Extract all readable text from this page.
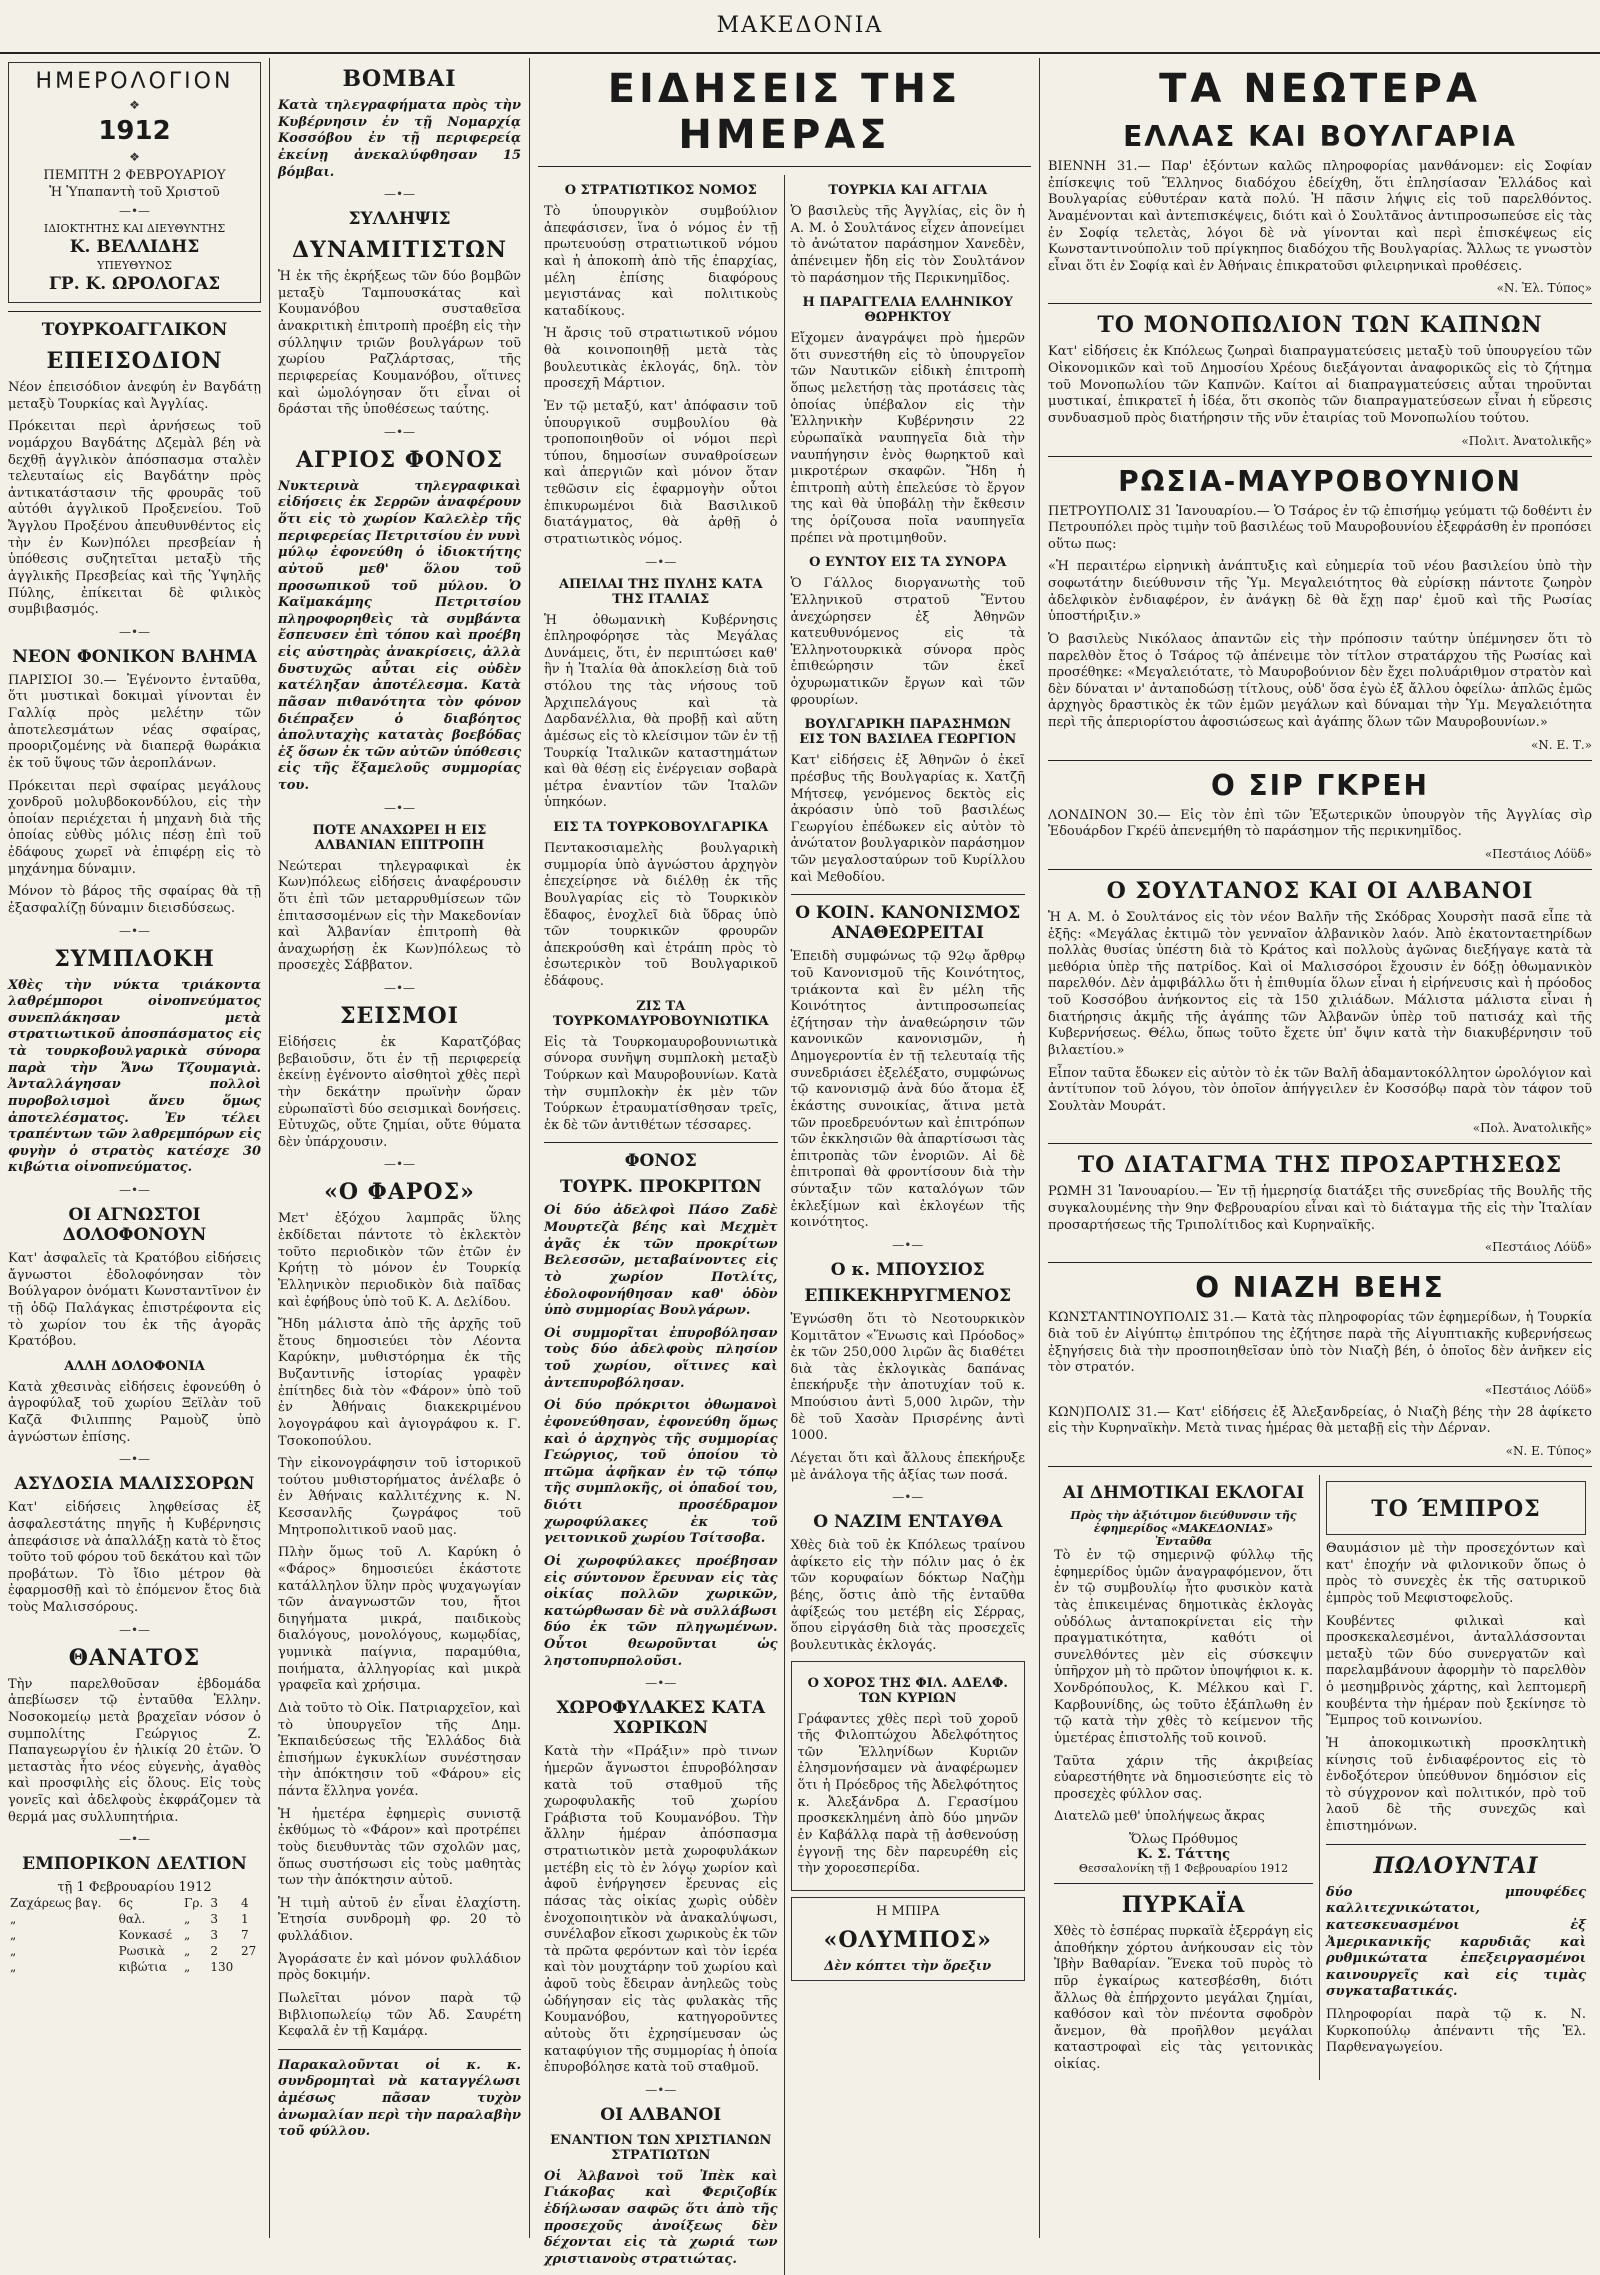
ΜΑΚΕΔΟΝΙΑ
ΗΜΕΡΟΛΟΓΙΟΝ
❖
1912
❖
ΠΕΜΠΤΗ 2 ΦΕΒΡΟΥΑΡΙΟΥ
Ἡ Ὑπαπαντὴ τοῦ Χριστοῦ
—•—
ΙΔΙΟΚΤΗΤΗΣ ΚΑΙ ΔΙΕΥΘΥΝΤΗΣ
Κ. ΒΕΛΛΙΔΗΣ
ΥΠΕΥΘΥΝΟΣ
ΓΡ. Κ. ΩΡΟΛΟΓΑΣ
ΤΟΥΡΚΟΑΓΓΛΙΚΟΝ
ΕΠΕΙΣΟΔΙΟΝ

Νέον ἐπεισόδιον ἀνεφύη ἐν Βαγδάτῃ μεταξὺ Τουρκίας καὶ Ἀγγλίας.

Πρόκειται περὶ ἀρνήσεως τοῦ νομάρχου Βαγδάτης Δζεμὰλ βέη νὰ δεχθῇ ἀγγλικὸν ἀπόσπασμα σταλὲν τελευταίως εἰς Βαγδάτην πρὸς ἀντικατάστασιν τῆς φρουρᾶς τοῦ αὐτόθι ἀγγλικοῦ Προξενείου. Τοῦ Ἄγγλου Προξένου ἀπευθυνθέντος εἰς τὴν ἐν Κων)πόλει πρεσβείαν ἡ ὑπόθεσις συζητεῖται μεταξὺ τῆς ἀγγλικῆς Πρεσβείας καὶ τῆς Ὑψηλῆς Πύλης, ἐπίκειται δὲ φιλικὸς συμβιβασμός.

—•—
ΝΕΟΝ ΦΟΝΙΚΟΝ ΒΛΗΜΑ

ΠΑΡΙΣΙΟΙ 30.— Ἐγένοντο ἐνταῦθα, ὅτι μυστικαὶ δοκιμαὶ γίνονται ἐν Γαλλίᾳ πρὸς μελέτην τῶν ἀποτελεσμάτων νέας σφαίρας, προοριζομένης νὰ διαπερᾷ θωράκια ἐκ τοῦ ὕψους τῶν ἀεροπλάνων.

Πρόκειται περὶ σφαίρας μεγάλους χονδροῦ μολυβδοκονδύλου, εἰς τὴν ὁποίαν περιέχεται ἡ μηχανὴ διὰ τῆς ὁποίας εὐθὺς μόλις πέσῃ ἐπὶ τοῦ ἐδάφους χωρεῖ νὰ ἐπιφέρῃ εἰς τὸ μηχάνημα δύναμιν.

Μόνον τὸ βάρος τῆς σφαίρας θὰ τῇ ἐξασφαλίζῃ δύναμιν διεισδύσεως.

—•—
ΣΥΜΠΛΟΚΗ

Χθὲς τὴν νύκτα τριάκοντα λαθρέμποροι οἰνοπνεύματος συνεπλάκησαν μετὰ στρατιωτικοῦ ἀποσπάσματος εἰς τὰ τουρκοβουλγαρικὰ σύνορα παρὰ τὴν Ἄνω Τζουμαγιὰ. Ἀνταλλάγησαν πολλοὶ πυροβολισμοὶ ἄνευ ὅμως ἀποτελέσματος. Ἐν τέλει τραπέντων τῶν λαθρεμπόρων εἰς φυγὴν ὁ στρατὸς κατέσχε 30 κιβώτια οἰνοπνεύματος.

—•—
ΟΙ ΑΓΝΩΣΤΟΙ ΔΟΛΟΦΟΝΟΥΝ

Κατ' ἀσφαλεῖς τὰ Κρατόβου εἰδήσεις ἄγνωστοι ἐδολοφόνησαν τὸν Βούλγαρον ὀνόματι Κωνσταντῖνον ἐν τῇ ὁδῷ Παλάγκας ἐπιστρέφοντα εἰς τὸ χωρίον του ἐκ τῆς ἀγορᾶς Κρατόβου.

ΑΛΛΗ ΔΟΛΟΦΟΝΙΑ

Κατὰ χθεσινὰς εἰδήσεις ἐφονεύθη ὁ ἀγροφύλαξ τοῦ χωρίου Ξεϊλὰν τοῦ Καζᾶ Φιλιππης Ραμοὺζ ὑπὸ ἀγνώστων ἐπίσης.

—•—
ΑΣΥΔΟΣΙΑ ΜΑΛΙΣΣΟΡΩΝ

Κατ' εἰδήσεις ληφθείσας ἐξ ἀσφαλεστάτης πηγῆς ἡ Κυβέρνησις ἀπεφάσισε νὰ ἀπαλλάξῃ κατὰ τὸ ἔτος τοῦτο τοῦ φόρου τοῦ δεκάτου καὶ τῶν προβάτων. Τὸ ἴδιο μέτρον θὰ ἐφαρμοσθῇ καὶ τὸ ἐπόμενον ἔτος διὰ τοὺς Μαλισσόρους.

—•—
ΘΑΝΑΤΟΣ

Τὴν παρελθοῦσαν ἑβδομάδα ἀπεβίωσεν τῷ ἐνταῦθα Ἑλλην. Νοσοκομείῳ μετὰ βραχεῖαν νόσον ὁ συμπολίτης Γεώργιος Ζ. Παπαγεωργίου ἐν ἡλικίᾳ 20 ἐτῶν. Ὁ μεταστὰς ἦτο νέος εὐγενὴς, ἀγαθὸς καὶ προσφιλὴς εἰς ὅλους. Εἰς τοὺς γονεῖς καὶ ἀδελφοὺς ἐκφράζομεν τὰ θερμά μας συλλυπητήρια.

—•—
ΕΜΠΟΡΙΚΟΝ ΔΕΛΤΙΟΝ
τῇ 1 Φεβρουαρίου 1912
Ζαχάρεως βαγ.	6ς	Γρ.	3	4
„	θαλ.	„	3	1
„	Κονκασέ	„	3	7
„	Ρωσικὰ	„	2	27
„	κιβώτια	„	130	
ΒΟΜΒΑΙ

Κατὰ τηλεγραφήματα πρὸς τὴν Κυβέρνησιν ἐν τῇ Νομαρχίᾳ Κοσσόβου ἐν τῇ περιφερείᾳ ἐκείνῃ ἀνεκαλύφθησαν 15 βόμβαι.

—•—
ΣΥΛΛΗΨΙΣ
ΔΥΝΑΜΙΤΙΣΤΩΝ

Ἡ ἐκ τῆς ἐκρήξεως τῶν δύο βομβῶν μεταξὺ Ταμπουσκάτας καὶ Κουμανόβου συσταθεῖσα ἀνακριτικὴ ἐπιτροπὴ προέβη εἰς τὴν σύλληψιν τριῶν βουλγάρων τοῦ χωρίου Ραζλάρτσας, τῆς περιφερείας Κουμανόβου, οἵτινες καὶ ὡμολόγησαν ὅτι εἶναι οἱ δράσται τῆς ὑποθέσεως ταύτης.

—•—
ΑΓΡΙΟΣ ΦΟΝΟΣ

Νυκτερινὰ τηλεγραφικαὶ εἰδήσεις ἐκ Σερρῶν ἀναφέρουν ὅτι εἰς τὸ χωρίον Καλελὲρ τῆς περιφερείας Πετριτσίου ἐν νυνὶ μύλῳ ἐφονεύθη ὁ ἰδιοκτήτης αὐτοῦ μεθ' ὅλου τοῦ προσωπικοῦ τοῦ μύλου. Ὁ Καϊμακάμης Πετριτσίου πληροφορηθεὶς τὰ συμβάντα ἔσπευσεν ἐπὶ τόπου καὶ προέβη εἰς αὐστηρὰς ἀνακρίσεις, ἀλλὰ δυστυχῶς αὗται εἰς οὐδὲν κατέληξαν ἀποτέλεσμα. Κατὰ πᾶσαν πιθανότητα τὸν φόνον διέπραξεν ὁ διαβόητος ἀπολυταχὴς κατατὰς βοεβόδας ἐξ ὅσων ἐκ τῶν αὐτῶν ὑπόθεσις εἰς τῆς ἔξαμελοῦς συμμορίας του.

—•—
ΠΟΤΕ ΑΝΑΧΩΡΕΙ Η ΕΙΣ ΑΛΒΑΝΙΑΝ ΕΠΙΤΡΟΠΗ

Νεώτεραι τηλεγραφικαὶ ἐκ Κων)πόλεως εἰδήσεις ἀναφέρουσιν ὅτι ἐπὶ τῶν μεταρρυθμίσεων τῶν ἐπιτασσομένων εἰς τὴν Μακεδονίαν καὶ Ἀλβανίαν ἐπιτροπὴ θὰ ἀναχωρήσῃ ἐκ Κων)πόλεως τὸ προσεχὲς Σάββατον.

—•—
ΣΕΙΣΜΟΙ

Εἰδήσεις ἐκ Καρατζόβας βεβαιοῦσιν, ὅτι ἐν τῇ περιφερείᾳ ἐκείνῃ ἐγένοντο αἰσθητοὶ χθὲς περὶ τὴν δεκάτην πρωϊνὴν ὥραν εὐρωπαϊστὶ δύο σεισμικαὶ δονήσεις. Εὐτυχῶς, οὔτε ζημίαι, οὔτε θύματα δὲν ὑπάρχουσιν.

—•—
«Ο ΦΑΡΟΣ»

Μετ' ἐξόχου λαμπρᾶς ὕλης ἐκδίδεται πάντοτε τὸ ἐκλεκτὸν τοῦτο περιοδικὸν τῶν ἐτῶν ἐν Κρήτῃ τὸ μόνον ἐν Τουρκίᾳ Ἑλληνικὸν περιοδικὸν διὰ παῖδας καὶ ἐφήβους ὑπὸ τοῦ Κ. Α. Δελίδου.

Ἤδη μάλιστα ἀπὸ τῆς ἀρχῆς τοῦ ἔτους δημοσιεύει τὸν Λέοντα Καρύκην, μυθιστόρημα ἐκ τῆς Βυζαντινῆς ἱστορίας γραφὲν ἐπίτηδες διὰ τὸν «Φάρον» ὑπὸ τοῦ ἐν Ἀθήναις διακεκριμένου λογογράφου καὶ ἀγιογράφου κ. Γ. Τσοκοπούλου.

Τὴν εἰκονογράφησιν τοῦ ἱστορικοῦ τούτου μυθιστορήματος ἀνέλαβε ὁ ἐν Ἀθήναις καλλιτέχνης κ. Ν. Κεσσανλῆς ζωγράφος τοῦ Μητροπολιτικοῦ ναοῦ μας.

Πλὴν ὅμως τοῦ Λ. Καρύκη ὁ «Φάρος» δημοσιεύει ἑκάστοτε κατάλληλον ὕλην πρὸς ψυχαγωγίαν τῶν ἀναγνωστῶν του, ἤτοι διηγήματα μικρά, παιδικοὺς διαλόγους, μονολόγους, κωμῳδίας, γυμνικὰ παίγνια, παραμύθια, ποιήματα, ἀλληγορίας καὶ μικρὰ γραφεῖα καὶ χρήσιμα.

Διὰ τοῦτο τὸ Οἰκ. Πατριαρχεῖον, καὶ τὸ ὑπουργεῖον τῆς Δημ. Ἐκπαιδεύσεως τῆς Ἑλλάδος διὰ ἐπισήμων ἐγκυκλίων συνέστησαν τὴν ἀπόκτησιν τοῦ «Φάρου» εἰς πάντα ἕλληνα γονέα.

Ἡ ἡμετέρα ἐφημερὶς συνιστᾷ ἐκθύμως τὸ «Φάρον» καὶ προτρέπει τοὺς διευθυντὰς τῶν σχολῶν μας, ὅπως συστήσωσι εἰς τοὺς μαθητὰς των τὴν ἀπόκτησιν αὐτοῦ.

Ἡ τιμὴ αὐτοῦ ἐν εἶναι ἐλαχίστη. Ἐτησία συνδρομὴ φρ. 20 τὸ φυλλάδιον.

Ἀγοράσατε ἐν καὶ μόνον φυλλάδιον πρὸς δοκιμήν.

Πωλεῖται μόνον παρὰ τῷ Βιβλιοπωλείῳ τῶν Ἀδ. Σαυρέτη Κεφαλᾶ ἐν τῇ Καμάρᾳ.

Παρακαλοῦνται οἱ κ. κ. συνδρομηταὶ νὰ καταγγέλωσι ἀμέσως πᾶσαν τυχὸν ἀνωμαλίαν περὶ τὴν παραλαβὴν τοῦ φύλλου.

ΕΙΔΗΣΕΙΣ ΤΗΣ ΗΜΕΡΑΣ
Ο ΣΤΡΑΤΙΩΤΙΚΟΣ ΝΟΜΟΣ

Τὸ ὑπουργικὸν συμβούλιον ἀπεφάσισεν, ἵνα ὁ νόμος ἐν τῇ πρωτευούσῃ στρατιωτικοῦ νόμου καὶ ἡ ἀποκοπὴ ἀπὸ τῆς ἐπαρχίας, μέλη ἐπίσης διαφόρους μεγιστάνας καὶ πολιτικοὺς καταδίκους.

Ἡ ἄρσις τοῦ στρατιωτικοῦ νόμου θὰ κοινοποιηθῇ μετὰ τὰς βουλευτικὰς ἐκλογάς, δηλ. τὸν προσεχῆ Μάρτιον.

Ἐν τῷ μεταξύ, κατ' ἀπόφασιν τοῦ ὑπουργικοῦ συμβουλίου θὰ τροποποιηθοῦν οἱ νόμοι περὶ τύπου, δημοσίων συναθροίσεων καὶ ἀπεργιῶν καὶ μόνον ὅταν τεθῶσιν εἰς ἐφαρμογὴν οὗτοι ἐπικυρωμένοι διὰ Βασιλικοῦ διατάγματος, θὰ ἀρθῇ ὁ στρατιωτικὸς νόμος.

—•—
ΑΠΕΙΛΑΙ ΤΗΣ ΠΥΛΗΣ ΚΑΤΑ ΤΗΣ ΙΤΑΛΙΑΣ

Ἡ ὀθωμανικὴ Κυβέρνησις ἐπληροφόρησε τὰς Μεγάλας Δυνάμεις, ὅτι, ἐν περιπτώσει καθ' ἣν ἡ Ἰταλία θὰ ἀποκλείσῃ διὰ τοῦ στόλου της τὰς νήσους τοῦ Ἀρχιπελάγους καὶ τὰ Δαρδανέλλια, θὰ προβῇ καὶ αὕτη ἀμέσως εἰς τὸ κλείσιμον τῶν ἐν τῇ Τουρκίᾳ Ἰταλικῶν καταστημάτων καὶ θὰ θέσῃ εἰς ἐνέργειαν σοβαρὰ μέτρα ἐναντίον τῶν Ἰταλῶν ὑπηκόων.

ΕΙΣ ΤΑ ΤΟΥΡΚΟΒΟΥΛΓΑΡΙΚΑ

Πεντακοσιαμελὴς βουλγαρικὴ συμμορία ὑπὸ ἀγνώστου ἀρχηγὸν ἐπεχείρησε νὰ διέλθῃ ἐκ τῆς Βουλγαρίας εἰς τὸ Τουρκικὸν ἔδαφος, ἐνοχλεῖ διὰ ὕδρας ὑπὸ τῶν τουρκικῶν φρουρῶν ἀπεκρούσθη καὶ ἐτράπη πρὸς τὸ ἐσωτερικὸν τοῦ Βουλγαρικοῦ ἐδάφους.

ΖΙΣ ΤΑ ΤΟΥΡΚΟΜΑΥΡΟΒΟΥΝΙΩΤΙΚΑ

Εἰς τὰ Τουρκομαυροβουνιωτικὰ σύνορα συνῆψη συμπλοκὴ μεταξὺ Τούρκων καὶ Μαυροβουνίων. Κατὰ τὴν συμπλοκὴν ἐκ μὲν τῶν Τούρκων ἐτραυματίσθησαν τρεῖς, ἐκ δὲ τῶν ἀντιθέτων τέσσαρες.

ΦΟΝΟΣ
ΤΟΥΡΚ. ΠΡΟΚΡΙΤΩΝ

Οἱ δύο ἀδελφοὶ Πάσο Ζαδὲ Μουρτεζὰ βέης καὶ Μεχμὲτ ἀγᾶς ἐκ τῶν προκρίτων Βελεσσῶν, μεταβαίνοντες εἰς τὸ χωρίον Ποτλίτς, ἐδολοφονήθησαν καθ' ὁδὸν ὑπὸ συμμορίας Βουλγάρων.

Οἱ συμμορῖται ἐπυροβόλησαν τοὺς δύο ἀδελφοὺς πλησίον τοῦ χωρίου, οἵτινες καὶ ἀντεπυροβόλησαν.

Οἱ δύο πρόκριτοι ὀθωμανοὶ ἐφονεύθησαν, ἐφονεύθη ὅμως καὶ ὁ ἀρχηγὸς τῆς συμμορίας Γεώργιος, τοῦ ὁποίου τὸ πτῶμα ἀφῆκαν ἐν τῷ τόπῳ τῆς συμπλοκῆς, οἱ ὁπαδοί του, διότι προσέδραμον χωροφύλακες ἐκ τοῦ γειτονικοῦ χωρίου Τσίτσοβα.

Οἱ χωροφύλακες προέβησαν εἰς σύντονον ἔρευναν εἰς τὰς οἰκίας πολλῶν χωρικῶν, κατώρθωσαν δὲ νὰ συλλάβωσι δύο ἐκ τῶν πληγωμένων. Οὗτοι θεωροῦνται ὡς ληστοπυρπολοῦσι.

—•—
ΧΩΡΟΦΥΛΑΚΕΣ ΚΑΤΑ ΧΩΡΙΚΩΝ

Κατὰ τὴν «Πράξιν» πρὸ τινων ἡμερῶν ἄγνωστοι ἐπυροβόλησαν κατὰ τοῦ σταθμοῦ τῆς χωροφυλακῆς τοῦ χωρίου Γράβιστα τοῦ Κουμανόβου. Τὴν ἄλλην ἡμέραν ἀπόσπασμα στρατιωτικὸν μετὰ χωροφυλάκων μετέβη εἰς τὸ ἐν λόγῳ χωρίον καὶ ἀφοῦ ἐνήργησεν ἔρευνας εἰς πάσας τὰς οἰκίας χωρὶς οὐδὲν ἐνοχοποιητικὸν νὰ ἀνακαλύψωσι, συνέλαβον εἴκοσι χωρικοὺς ἐκ τῶν τὰ πρῶτα φερόντων καὶ τὸν ἱερέα καὶ τὸν μουχτάρην τοῦ χωρίου καὶ ἀφοῦ τοὺς ἔδειραν ἀνηλεῶς τοὺς ὡδήγησαν εἰς τὰς φυλακὰς τῆς Κουμανόβου, κατηγοροῦντες αὐτοὺς ὅτι ἐχρησίμευσαν ὡς καταφύγιον τῆς συμμορίας ἡ ὁποία ἐπυροβόλησε κατὰ τοῦ σταθμοῦ.

—•—
ΟΙ ΑΛΒΑΝΟΙ
ΕΝΑΝΤΙΟΝ ΤΩΝ ΧΡΙΣΤΙΑΝΩΝ ΣΤΡΑΤΙΩΤΩΝ

Οἱ Ἀλβανοὶ τοῦ Ἰπὲκ καὶ Γιάκοβας καὶ Φεριζοβίκ ἐδήλωσαν σαφῶς ὅτι ἀπὸ τῆς προσεχοῦς ἀνοίξεως δὲν δέχονται εἰς τὰ χωριά των χριστιανοὺς στρατιώτας.

ΤΟΥΡΚΙΑ ΚΑΙ ΑΓΓΛΙΑ

Ὁ βασιλεὺς τῆς Ἀγγλίας, εἰς ὃν ἡ Α. Μ. ὁ Σουλτάνος εἶχεν ἀπονείμει τὸ ἀνώτατον παράσημον Χανεδὲν, ἀπένειμεν ἤδη εἰς τὸν Σουλτάνον τὸ παράσημον τῆς Περικνημῖδος.

Η ΠΑΡΑΓΓΕΛΙΑ ΕΛΛΗΝΙΚΟΥ ΘΩΡΗΚΤΟΥ

Εἴχομεν ἀναγράψει πρὸ ἡμερῶν ὅτι συνεστήθη εἰς τὸ ὑπουργεῖον τῶν Ναυτικῶν εἰδικὴ ἐπιτροπὴ ὅπως μελετήσῃ τὰς προτάσεις τὰς ὁποίας ὑπέβαλον εἰς τὴν Ἑλληνικὴν Κυβέρνησιν 22 εὐρωπαϊκὰ ναυπηγεῖα διὰ τὴν ναυπήγησιν ἑνὸς θωρηκτοῦ καὶ μικροτέρων σκαφῶν. Ἤδη ἡ ἐπιτροπὴ αὐτὴ ἐπελεύσε τὸ ἔργον της καὶ θὰ ὑποβάλῃ τὴν ἔκθεσιν της ὁρίζουσα ποῖα ναυπηγεῖα πρέπει νὰ προτιμηθοῦν.

Ο ΕΥΝΤΟΥ ΕΙΣ ΤΑ ΣΥΝΟΡΑ

Ὁ Γάλλος διοργανωτὴς τοῦ Ἑλληνικοῦ στρατοῦ Ἔντου ἀνεχώρησεν ἐξ Ἀθηνῶν κατευθυνόμενος εἰς τὰ Ἑλληνοτουρκικὰ σύνορα πρὸς ἐπιθεώρησιν τῶν ἐκεῖ ὀχυρωματικῶν ἔργων καὶ τῶν φρουρίων.

ΒΟΥΛΓΑΡΙΚΗ ΠΑΡΑΣΗΜΩΝ ΕΙΣ ΤΟΝ ΒΑΣΙΛΕΑ ΓΕΩΡΓΙΟΝ

Κατ' εἰδήσεις ἐξ Ἀθηνῶν ὁ ἐκεῖ πρέσβυς τῆς Βουλγαρίας κ. Χατζῆ Μήτσεφ, γενόμενος δεκτὸς εἰς ἀκρόασιν ὑπὸ τοῦ βασιλέως Γεωργίου ἐπέδωκεν εἰς αὐτὸν τὸ ἀνώτατον βουλγαρικὸν παράσημον τῶν μεγαλοσταύρων τοῦ Κυρίλλου καὶ Μεθοδίου.

Ο ΚΟΙΝ. ΚΑΝΟΝΙΣΜΟΣ ΑΝΑΘΕΩΡΕΙΤΑΙ

Ἐπειδὴ συμφώνως τῷ 92ῳ ἄρθρῳ τοῦ Κανονισμοῦ τῆς Κοινότητος, τριάκοντα καὶ ἓν μέλη τῆς Κοινότητος ἀντιπροσωπείας ἐζήτησαν τὴν ἀναθεώρησιν τῶν κανονικῶν κανονισμῶν, ἡ Δημογεροντία ἐν τῇ τελευταίᾳ τῆς συνεδριάσει ἐξελέξατο, συμφώνως τῷ κανονισμῷ ἀνὰ δύο ἄτομα ἐξ ἑκάστης συνοικίας, ἅτινα μετὰ τῶν προεδρευόντων καὶ ἐπιτρόπων τῶν ἐκκλησιῶν θὰ ἀπαρτίσωσι τὰς ἐπιτροπὰς τῶν ἐνοριῶν. Αἱ δὲ ἐπιτροπαὶ θὰ φροντίσουν διὰ τὴν σύνταξιν τῶν καταλόγων τῶν ἐκλεξίμων καὶ ἐκλογέων τῆς κοινότητος.

—•—
Ο κ. ΜΠΟΥΣΙΟΣ
ΕΠΙΚΕΚΗΡΥΓΜΕΝΟΣ

Ἐγνώσθη ὅτι τὸ Νεοτουρκικὸν Κομιτᾶτον «Ἕνωσις καὶ Πρόοδος» ἐκ τῶν 250,000 λιρῶν ἃς διαθέτει διὰ τὰς ἐκλογικὰς δαπάνας ἐπεκήρυξε τὴν ἀποτυχίαν τοῦ κ. Μπούσιου ἀντὶ 5,000 λιρῶν, τὴν δὲ τοῦ Χασὰν Πρισρένης ἀντὶ 1000.

Λέγεται ὅτι καὶ ἄλλους ἐπεκήρυξε μὲ ἀνάλογα τῆς ἀξίας των ποσά.

—•—
Ο ΝΑΖΙΜ ΕΝΤΑΥΘΑ

Χθὲς διὰ τοῦ ἐκ Κπόλεως τραίνου ἀφίκετο εἰς τὴν πόλιν μας ὁ ἐκ τῶν κορυφαίων δόκτωρ Ναζὴμ βέης, ὅστις ἀπὸ τῆς ἐνταῦθα ἀφίξεώς του μετέβη εἰς Σέρρας, ὅπου εἰργάσθη διὰ τὰς προσεχεῖς βουλευτικὰς ἐκλογάς.

Ο ΧΟΡΟΣ ΤΗΣ ΦΙΛ. ΑΔΕΛΦ. ΤΩΝ ΚΥΡΙΩΝ

Γράφαντες χθὲς περὶ τοῦ χοροῦ τῆς Φιλοπτώχου Ἀδελφότητος τῶν Ἑλληνίδων Κυριῶν ἐλησμονήσαμεν νὰ ἀναφέρωμεν ὅτι ἡ Πρόεδρος τῆς Ἀδελφότητος κ. Ἀλεξάνδρα Δ. Γερασίμου προσκεκλημένη ἀπὸ δύο μηνῶν ἐν Καβάλλᾳ παρὰ τῇ ἀσθενούσῃ ἐγγονῇ της δὲν παρευρέθη εἰς τὴν χοροεσπερίδα.

Η ΜΠΙΡΑ
«ΟΛΥΜΠΟΣ»
Δὲν κόπτει τὴν ὄρεξιν
ΤΑ ΝΕΩΤΕΡΑ
ΕΛΛΑΣ ΚΑΙ ΒΟΥΛΓΑΡΙΑ

ΒΙΕΝΝΗ 31.— Παρ' ἐξόντων καλῶς πληροφορίας μανθάνομεν: εἰς Σοφίαν ἐπίσκεψις τοῦ Ἕλληνος διαδόχου ἐδείχθη, ὅτι ἐπλησίασαν Ἑλλάδος καὶ Βουλγαρίας εὐθυτέραν κατὰ πολύ. Ἡ πᾶσιν λήψις εἰς τοῦ παρελθόντος. Ἀναμένονται καὶ ἀντεπισκέψεις, διότι καὶ ὁ Σουλτᾶνος ἀντιπροσωπεύσε εἰς τὰς ἐν Σοφίᾳ τελετὰς, λόγοι δὲ νὰ γίνονται καὶ περὶ ἐπισκέψεως εἰς Κωνσταντινούπολιν τοῦ πρίγκηπος διαδόχου τῆς Βουλγαρίας. Ἄλλως τε γνωστὸν εἶναι ὅτι ἐν Σοφίᾳ καὶ ἐν Ἀθήναις ἐπικρατοῦσι φιλειρηνικαὶ προθέσεις.

«Ν. Ἐλ. Τύπος»
ΤΟ ΜΟΝΟΠΩΛΙΟΝ ΤΩΝ ΚΑΠΝΩΝ

Κατ' εἰδήσεις ἐκ Κπόλεως ζωηραὶ διαπραγματεύσεις μεταξὺ τοῦ ὑπουργείου τῶν Οἰκονομικῶν καὶ τοῦ Δημοσίου Χρέους διεξάγονται ἀναφορικῶς εἰς τὸ ζήτημα τοῦ Μονοπωλίου τῶν Καπνῶν. Καίτοι αἱ διαπραγματεύσεις αὗται τηροῦνται μυστικαί, ἐπικρατεῖ ἡ ἰδέα, ὅτι σκοπὸς τῶν διαπραγματεύσεων εἶναι ἡ εὕρεσις συνδυασμοῦ πρὸς διατήρησιν τῆς νῦν ἐταιρίας τοῦ Μονοπωλίου τούτου.

«Πολιτ. Ἀνατολικῆς»
ΡΩΣΙΑ-ΜΑΥΡΟΒΟΥΝΙΟΝ

ΠΕΤΡΟΥΠΟΛΙΣ 31 Ἰανουαρίου.— Ὁ Τσάρος ἐν τῷ ἐπισήμῳ γεύματι τῷ δοθέντι ἐν Πετρουπόλει πρὸς τιμὴν τοῦ βασιλέως τοῦ Μαυροβουνίου ἐξεφράσθη ἐν προπόσει οὕτω πως:

«Ἡ περαιτέρω εἰρηνικὴ ἀνάπτυξις καὶ εὐημερία τοῦ νέου βασιλείου ὑπὸ τὴν σοφωτάτην διεύθυνσιν τῆς Ὑμ. Μεγαλειότητος θὰ εὑρίσκῃ πάντοτε ζωηρὸν ἀδελφικὸν ἐνδιαφέρον, ἐν ἀνάγκῃ δὲ θὰ ἔχῃ παρ' ἐμοῦ καὶ τῆς Ρωσίας ὑποστήριξιν.»

Ὁ βασιλεὺς Νικόλαος ἀπαντῶν εἰς τὴν πρόποσιν ταύτην ὑπέμνησεν ὅτι τὸ παρελθὸν ἔτος ὁ Τσάρος τῷ ἀπένειμε τὸν τίτλον στρατάρχου τῆς Ρωσίας καὶ προσέθηκε: «Μεγαλειότατε, τὸ Μαυροβούνιον δὲν ἔχει πολυάριθμον στρατὸν καὶ δὲν δύναται ν' ἀνταποδώσῃ τίτλους, οὐδ' ὅσα ἐγὼ ἐξ ἄλλου ὀφείλω· ἁπλῶς ἐμῶς ἀρχηγὸς δραστικὸς ἐκ τῶν ἐμῶν μεγάλων καὶ δύναμαι τὴν Ὑμ. Μεγαλειότητα περὶ τῆς ἀπεριορίστου ἀφοσιώσεως καὶ ἀγάπης ὅλων τῶν Μαυροβουνίων.»

«Ν. Ε. Τ.»
Ο ΣΙΡ ΓΚΡΕΗ

ΛΟΝΔΙΝΟΝ 30.— Εἰς τὸν ἐπὶ τῶν Ἐξωτερικῶν ὑπουργὸν τῆς Ἀγγλίας σὶρ Ἐδουάρδον Γκρέϋ ἀπενεμήθη τὸ παράσημον τῆς περικνημῖδος.

«Πεστάιος Λόϋδ»
Ο ΣΟΥΛΤΑΝΟΣ ΚΑΙ ΟΙ ΑΛΒΑΝΟΙ

Ἡ Α. Μ. ὁ Σουλτάνος εἰς τὸν νέον Βαλῆν τῆς Σκόδρας Χουρσὴτ πασᾶ εἶπε τὰ ἑξῆς: «Μεγάλας ἐκτιμῶ τὸν γενναῖον ἀλβανικὸν λαόν. Ἀπὸ ἑκατονταετηρίδων πολλὰς θυσίας ὑπέστη διὰ τὸ Κράτος καὶ πολλοὺς ἀγῶνας διεξήγαγε κατὰ τὰ μεθόρια ὑπὲρ τῆς πατρίδος. Καὶ οἱ Μαλισσόροι ἔχουσιν ἐν δόξῃ ὀθωμανικὸν παρελθόν. Δὲν ἀμφιβάλλω ὅτι ἡ ἐπιθυμία ὅλων εἶναι ἡ εἰρήνευσις καὶ ἡ πρόοδος τοῦ Κοσσόβου ἀνήκοντος εἰς τὰ 150 χιλιάδων. Μάλιστα μάλιστα εἶναι ἡ διατήρησις ἀκμῆς τῆς ἀγάπης τῶν Ἀλβανῶν ὑπὲρ τοῦ πατισάχ καὶ τῆς Κυβερνήσεως. Θέλω, ὅπως τοῦτο ἔχετε ὑπ' ὄψιν κατὰ τὴν διακυβέρνησιν τοῦ βιλαετίου.»

Εἶπον ταῦτα ἔδωκεν εἰς αὐτὸν τὸ ἐκ τῶν Βαλῆ ἀδαμαντοκόλλητον ὡρολόγιον καὶ ἀντίτυπον τοῦ λόγου, τὸν ὁποῖον ἀπήγγειλεν ἐν Κοσσόβῳ παρὰ τὸν τάφον τοῦ Σουλτὰν Μουράτ.

«Πολ. Ἀνατολικῆς»
ΤΟ ΔΙΑΤΑΓΜΑ ΤΗΣ ΠΡΟΣΑΡΤΗΣΕΩΣ

ΡΩΜΗ 31 Ἰανουαρίου.— Ἐν τῇ ἡμερησίᾳ διατάξει τῆς συνεδρίας τῆς Βουλῆς τῆς συγκαλουμένης τὴν 9ην Φεβρουαρίου εἶναι καὶ τὸ διάταγμα τῆς εἰς τὴν Ἰταλίαν προσαρτήσεως τῆς Τριπολίτιδος καὶ Κυρηναϊκῆς.

«Πεστάιος Λόϋδ»
Ο ΝΙΑΖΗ ΒΕΗΣ

ΚΩΝΣΤΑΝΤΙΝΟΥΠΟΛΙΣ 31.— Κατὰ τὰς πληροφορίας τῶν ἐφημερίδων, ἡ Τουρκία διὰ τοῦ ἐν Αἰγύπτῳ ἐπιτρόπου της ἐζήτησε παρὰ τῆς Αἰγυπτιακῆς κυβερνήσεως ἐξηγήσεις διὰ τὴν προσποιηθεῖσαν ὑπὸ τὸν Νιαζὴ βέη, ὁ ὁποῖος δὲν ἀνῆκεν εἰς τὸν στρατόν.

«Πεστάιος Λόϋδ»

ΚΩΝ)ΠΟΛΙΣ 31.— Κατ' εἰδήσεις ἐξ Ἀλεξανδρείας, ὁ Νιαζὴ βέης τὴν 28 ἀφίκετο εἰς τὴν Κυρηναϊκὴν. Μετὰ τινας ἡμέρας θὰ μεταβῇ εἰς τὴν Δέρναν.

«Ν. Ε. Τύπος»
ΑΙ ΔΗΜΟΤΙΚΑΙ ΕΚΛΟΓΑΙ
Πρὸς τὴν ἀξιότιμον διεύθυνσιν τῆς ἐφημερίδος «ΜΑΚΕΔΟΝΙΑΣ»
Ἐνταῦθα

Τὸ ἐν τῷ σημερινῷ φύλλῳ τῆς ἐφημερίδος ὑμῶν ἀναγραφόμενον, ὅτι ἐν τῷ συμβουλίῳ ἦτο φυσικὸν κατὰ τὰς ἐπικειμένας δημοτικὰς ἐκλογὰς οὐδόλως ἀνταποκρίνεται εἰς τὴν πραγματικότητα, καθότι οἱ συνελθόντες μὲν εἰς σύσκεψιν ὑπῆρχον μὴ τὸ πρῶτον ὑποψήφιοι κ. κ. Χονδρόπουλος, Κ. Μέλκου καὶ Γ. Καρβουνίδης, ὡς τοῦτο ἐξάπλωθη ἐν τῷ κατὰ τὴν χθὲς τὸ κείμενον τῆς ὑμετέρας ἐπιστολῆς τοῦ κοινοῦ.

Ταῦτα χάριν τῆς ἀκριβείας εὐαρεστήθητε νὰ δημοσιεύσητε εἰς τὸ προσεχὲς φύλλον σας.

Διατελῶ μεθ' ὑπολήψεως ἄκρας

Ὅλως Πρόθυμος
Κ. Σ. Τάττης
Θεσσαλονίκη τῇ 1 Φεβρουαρίου 1912
ΠΥΡΚΑΪΑ

Χθὲς τὸ ἑσπέρας πυρκαϊὰ ἐξερράγη εἰς ἀποθήκην χόρτου ἀνήκουσαν εἰς τὸν Ἰβὴν Βαθαρίαν. Ἕνεκα τοῦ πυρὸς τὸ πῦρ ἐγκαίρως κατεσβέσθη, διότι ἄλλως θὰ ἐπήρχοντο μεγάλαι ζημίαι, καθόσον καὶ τὸν πνέοντα σφοδρὸν ἄνεμον, θὰ προῆλθον μεγάλαι καταστροφαὶ εἰς τὰς γειτονικὰς οἰκίας.

ΤΟ ΈΜΠΡΟΣ

Θαυμάσιον μὲ τὴν προσεχόντων καὶ κατ' ἐποχήν νὰ φιλονικοῦν ὅπως ὁ πρὸς τὸ συνεχὲς ἐκ τῆς σατυρικοῦ ἐμπρὸς τοῦ Μεφιστοφελοῦς.

Κουβέντες φιλικαὶ καὶ προσκεκαλεσμένοι, ἀνταλλάσσονται μεταξὺ τῶν δύο συνεργατῶν καὶ παρελαμβάνουν ἀφορμὴν τὸ παρελθὸν ὁ μεσημβρινὸς χάρτης, καὶ λεπτομερῆ κουβέντα τὴν ἡμέραν ποὺ ξεκίνησε τὸ Ἔμπρος τοῦ κοινωνίου.

Ἡ ἀποκομικωτικὴ προσκλητικὴ κίνησις τοῦ ἐνδιαφέροντος εἰς τὸ ἐνδοξότερον ὑπεύθυνον δημόσιον εἰς τὸ σύγχρονον καὶ πολιτικόν, πρὸ τοῦ λαοῦ δὲ τῆς συνεχῶς καὶ ἐπιστημόνων.

ΠΩΛΟΥΝΤΑΙ

δύο μπουφέδες καλλιτεχνικώτατοι, κατεσκευασμένοι ἐξ Ἀμερικανικῆς καρυδιᾶς καὶ ρυθμικώτατα ἐπεξειργασμένοι καινουργεῖς καὶ εἰς τιμὰς συγκαταβατικάς.

Πληροφορίαι παρὰ τῷ κ. Ν. Κυρκοπούλῳ ἀπέναντι τῆς Ἑλ. Παρθεναγωγείου.
